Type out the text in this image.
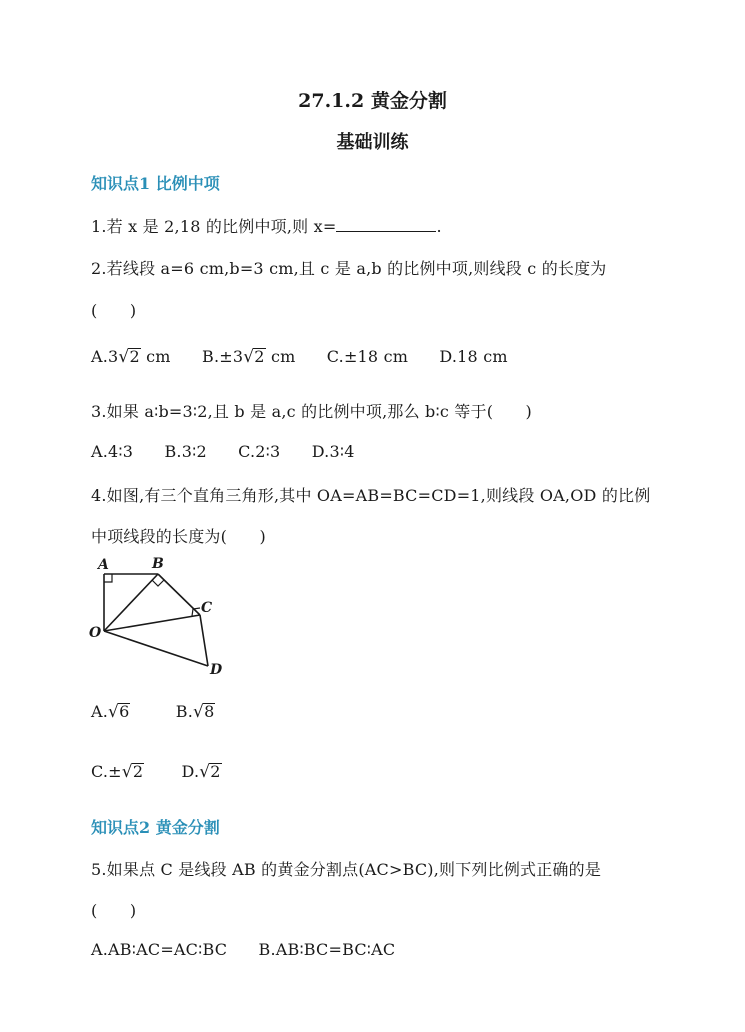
27.1.2 黄金分割
基础训练
知识点1 比例中项
1.若 x 是 2,18 的比例中项,则 x=	.
2.若线段 a=6 cm,b=3 cm,且 c 是 a,b 的比例中项,则线段 c 的长度为
(　　)
A.3√2 cm B.±3√2 cm C.±18 cm D.18 cm
3.如果 a∶b=3∶2,且 b 是 a,c 的比例中项,那么 b∶c 等于(　　)
A.4∶3 B.3∶2 C.2∶3 D.3∶4
4.如图,有三个直角三角形,其中 OA=AB=BC=CD=1,则线段 OA,OD 的比例
中项线段的长度为(　　)
A	B
C
O
D
A.√6	B.√8
C.±√2 D.√2
知识点2 黄金分割
5.如果点 C 是线段 AB 的黄金分割点(AC>BC),则下列比例式正确的是
(　　)
A.AB∶AC=AC∶BC B.AB∶BC=BC∶AC
